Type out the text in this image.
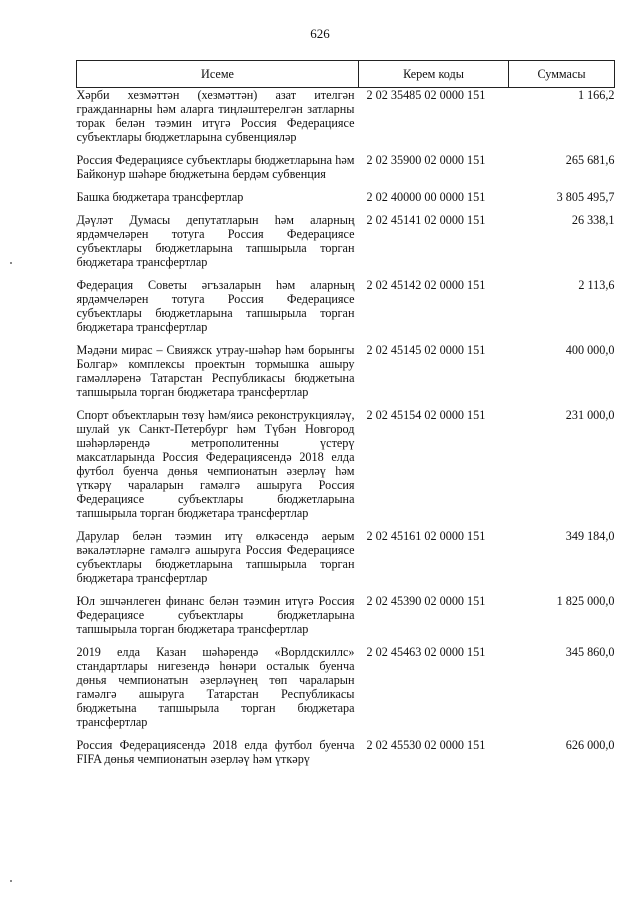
626
Исеме	Керем коды	Суммасы
Хәрби хезмәттән (хезмәттән) азат ителгән гражданнарны һәм аларга тиңләштерелгән затларны торак белән тәэмин итүгә Россия Федерациясе субъектлары бюджетларына субвенцияләр	2 02 35485 02 0000 151	1 166,2
Россия Федерациясе субъектлары бюджетларына һәм Байконур шәһәре бюджетына бердәм субвенция	2 02 35900 02 0000 151	265 681,6
Башка бюджетара трансфертлар	2 02 40000 00 0000 151	3 805 495,7
Дәүләт Думасы депутатларын һәм аларның ярдәмчеләрен тотуга Россия Федерациясе субъектлары бюджетларына тапшырыла торган бюджетара трансфертлар	2 02 45141 02 0000 151	26 338,1
Федерация Советы әгъзаларын һәм аларның ярдәмчеләрен тотуга Россия Федерациясе субъектлары бюджетларына тапшырыла торган бюджетара трансфертлар	2 02 45142 02 0000 151	2 113,6
Мәдәни мирас – Свияжск утрау-шәһәр һәм борынгы Болгар» комплексы проектын тормышка ашыру гамәлләренә Татарстан Республикасы бюджетына тапшырыла торган бюджетара трансфертлар	2 02 45145 02 0000 151	400 000,0
Спорт объектларын төзү һәм/яисә реконструкцияләү, шулай ук Санкт-Петербург һәм Түбән Новгород шәһәрләрендә метрополитенны үстерү максатларында Россия Федерациясендә 2018 елда футбол буенча дөнья чемпионатын әзерләү һәм үткәрү чараларын гамәлгә ашыруга Россия Федерациясе субъектлары бюджетларына тапшырыла торган бюджетара трансфертлар	2 02 45154 02 0000 151	231 000,0
Дарулар белән тәэмин итү өлкәсендә аерым вәкаләтләрне гамәлгә ашыруга Россия Федерациясе субъектлары бюджетларына тапшырыла торган бюджетара трансфертлар	2 02 45161 02 0000 151	349 184,0
Юл эшчәнлеген финанс белән тәэмин итүгә Россия Федерациясе субъектлары бюджетларына тапшырыла торган бюджетара трансфертлар	2 02 45390 02 0000 151	1 825 000,0
2019 елда Казан шәһәрендә «Ворлдскиллс» стандартлары нигезендә һөнәри осталык буенча дөнья чемпионатын әзерләүнең төп чараларын гамәлгә ашыруга Татарстан Республикасы бюджетына тапшырыла торган бюджетара трансфертлар	2 02 45463 02 0000 151	345 860,0
Россия Федерациясендә 2018 елда футбол буенча FIFA дөнья чемпионатын әзерләү һәм үткәрү	2 02 45530 02 0000 151	626 000,0
